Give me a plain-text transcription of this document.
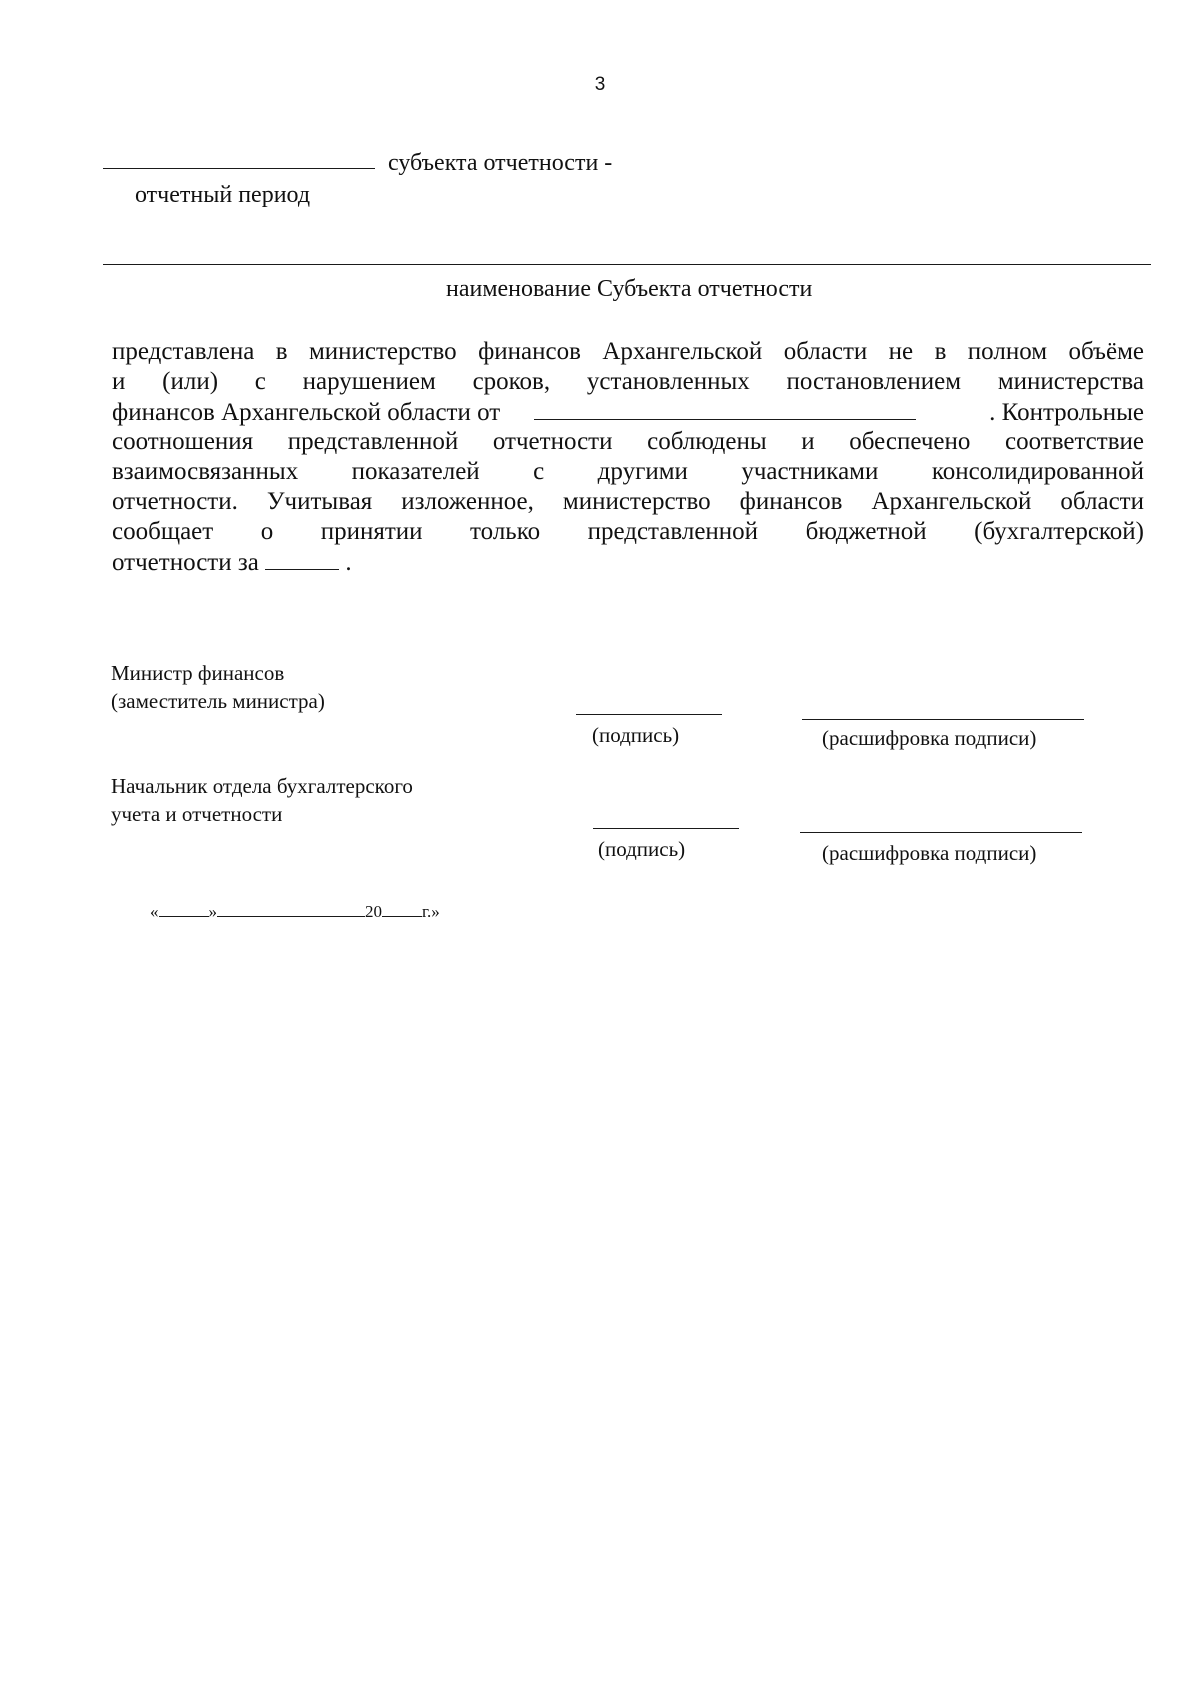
3
субъекта отчетности -
отчетный период
наименование Субъекта отчетности
представлена в министерство финансов Архангельской области не в полном объёме
и (или) с нарушением сроков, установленных постановлением министерства
финансов Архангельской области от	. Контрольные
соотношения представленной отчетности соблюдены и обеспечено соответствие
взаимосвязанных показателей с другими участниками консолидированной
отчетности. Учитывая изложенное, министерство финансов Архангельской области
сообщает о принятии только представленной бюджетной (бухгалтерской)
отчетности за	.
Министр финансов
(заместитель министра)
(подпись)	(расшифровка подписи)
Начальник отдела бухгалтерского
учета и отчетности
(подпись)	(расшифровка подписи)
«	»	20 г.»
